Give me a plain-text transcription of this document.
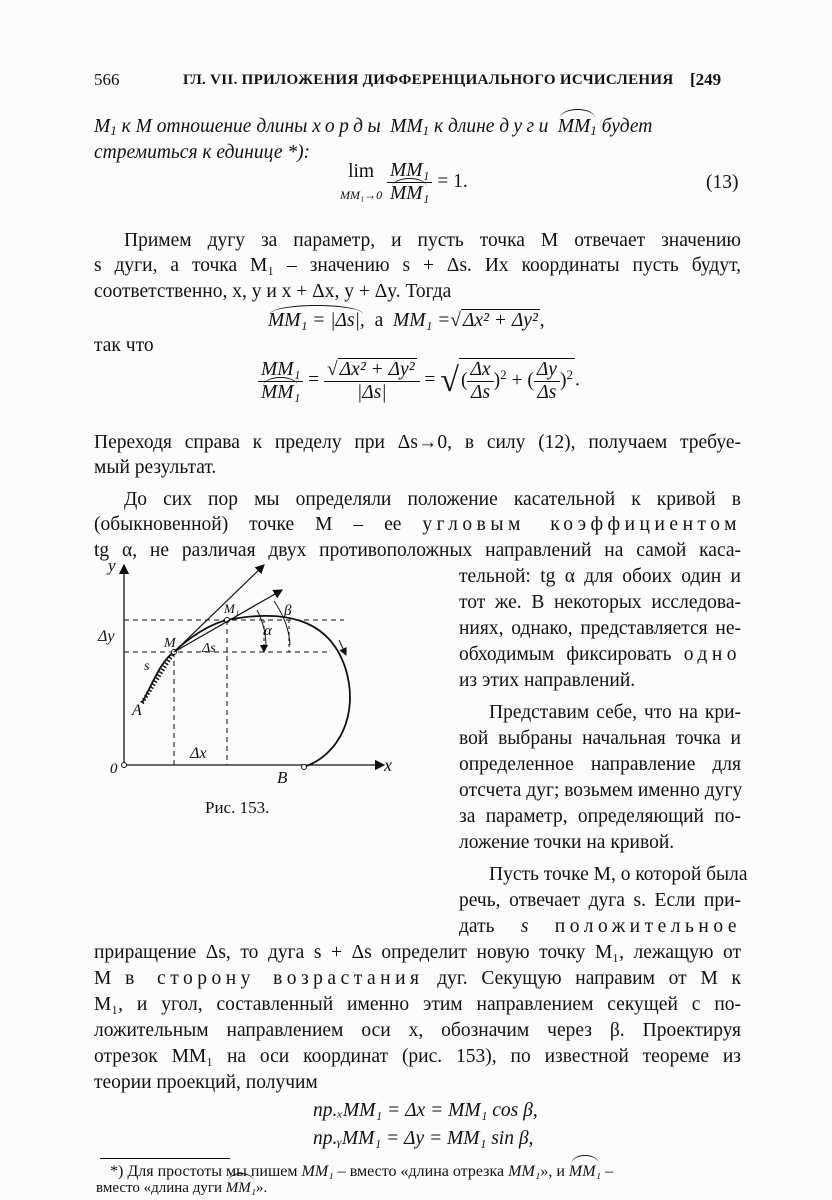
566	ГЛ. VII. ПРИЛОЖЕНИЯ ДИФФЕРЕНЦИАЛЬНОГО ИСЧИСЛЕНИЯ [249
$M_1$ к M отношение длины хорды $MM_1$ к длине дуги $MM_1$ будет
стремиться к единице *):
lim
$MM_1\to 0 \frac{\text{MM₁}}{\text{MM₁}} = 1$.	(13)
Примем дугу за параметр, и пусть точка M отвечает значению
s дуги, а точка M₁ – значению s + Δs. Их координаты пусть будут,
соответственно, x, y и x + Δx, y + Δy. Тогда
MM₁ = |Δs|, а MM₁ =√ Δx² + Δy² ,
так что
$\frac{\text{MM₁}}{\text{MM₁}} = \frac{\text{√ Δx² + Δy²}}{|\Delta s|}$ = √( $\frac{\Delta x}{\Delta s} )^2$ + ( $\frac{\Delta y}{\Delta s} )^2$ .
Переходя справа к пределу при Δs→0, в силу (12), получаем требуе-
мый результат.
До сих пор мы определяли положение касательной к кривой в
(обыкновенной) точке M – ее угловым коэффициентом
tg α, не различая двух противоположных направлений на самой каса-
тельной: tg α для обоих один и
тот же. В некоторых исследова-
ниях, однако, представляется не-
обходимым фиксировать одно
из этих направлений.
Представим себе, что на кри-
вой выбраны начальная точка и
определенное направление для
отсчета дуг; возьмем именно дугу
за параметр, определяющий по-
ложение точки на кривой.
Пусть точке M, о которой была
речь, отвечает дуга s. Если при-
дать s положительное
приращение Δs, то дуга s + Δs определит новую точку M₁, лежащую от
M в сторону возрастания дуг. Секущую направим от M к
M₁, и угол, составленный именно этим направлением секущей с по-
ложительным направлением оси x, обозначим через β. Проектируя
отрезок MM₁ на оси координат (рис. 153), по известной теореме из
теории проекций, получим
пр.ₓMM₁ = Δx = MM₁ cos β,
пр.ᵧMM₁ = Δy = MM₁ sin β,
*) Для простоты мы пишем MM₁ – вместо «длина отрезка MM₁», и MM₁ –
вместо «длина дуги MM₁».
y
x
0
Δy
Δx
Δs
M
M₁
s
A
B
α
β
Рис. 153.
